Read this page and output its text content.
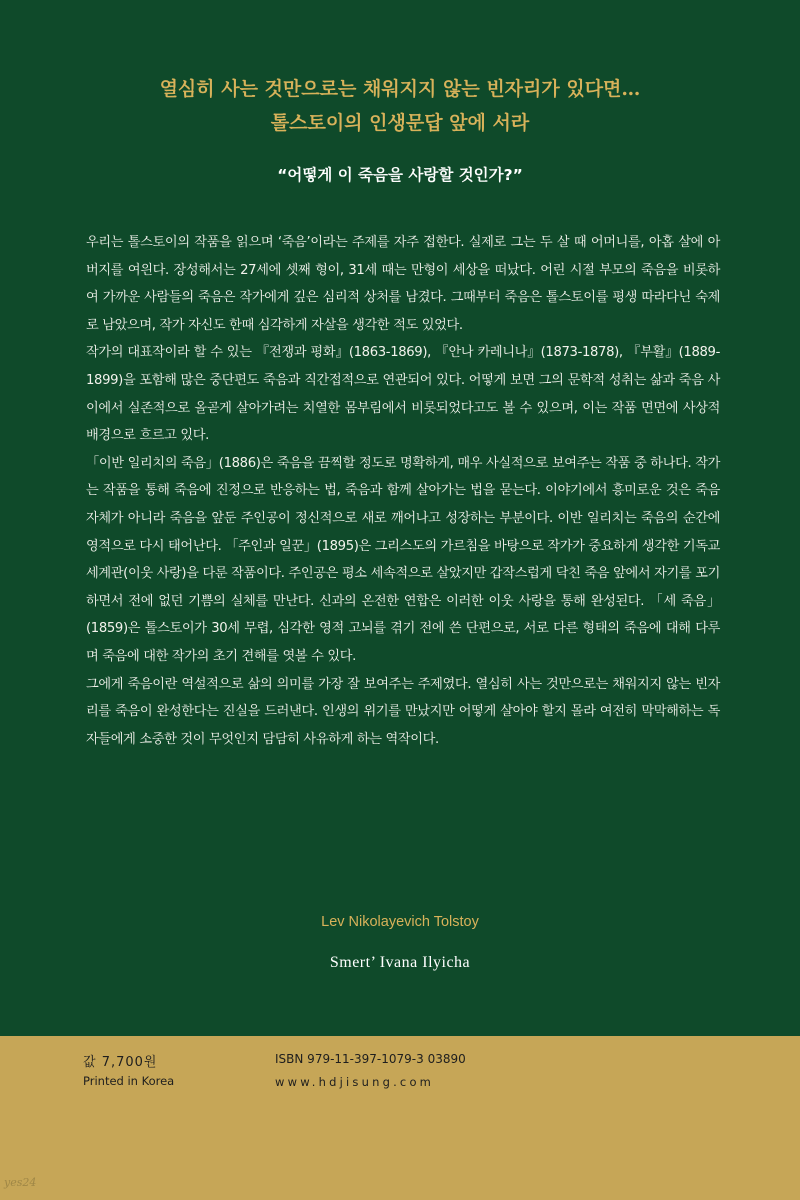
열심히 사는 것만으로는 채워지지 않는 빈자리가 있다면…
톨스토이의 인생문답 앞에 서라
“어떻게 이 죽음을 사랑할 것인가?”

우리는 톨스토이의 작품을 읽으며 ‘죽음’이라는 주제를 자주 접한다. 실제로 그는 두 살 때 어머니를, 아홉 살에 아버지를 여읜다. 장성해서는 27세에 셋째 형이, 31세 때는 만형이 세상을 떠났다. 어린 시절 부모의 죽음을 비롯하여 가까운 사람들의 죽음은 작가에게 깊은 심리적 상처를 남겼다. 그때부터 죽음은 톨스토이를 평생 따라다닌 숙제로 남았으며, 작가 자신도 한때 심각하게 자살을 생각한 적도 있었다.

작가의 대표작이라 할 수 있는 『전쟁과 평화』(1863-1869), 『안나 카레니나』(1873-1878), 『부활』(1889-1899)을 포함해 많은 중단편도 죽음과 직간접적으로 연관되어 있다. 어떻게 보면 그의 문학적 성취는 삶과 죽음 사이에서 실존적으로 올곧게 살아가려는 치열한 몸부림에서 비롯되었다고도 볼 수 있으며, 이는 작품 면면에 사상적 배경으로 흐르고 있다.

「이반 일리치의 죽음」(1886)은 죽음을 끔찍할 정도로 명확하게, 매우 사실적으로 보여주는 작품 중 하나다. 작가는 작품을 통해 죽음에 진정으로 반응하는 법, 죽음과 함께 살아가는 법을 묻는다. 이야기에서 흥미로운 것은 죽음 자체가 아니라 죽음을 앞둔 주인공이 정신적으로 새로 깨어나고 성장하는 부분이다. 이반 일리치는 죽음의 순간에 영적으로 다시 태어난다. 「주인과 일꾼」(1895)은 그리스도의 가르침을 바탕으로 작가가 중요하게 생각한 기독교 세계관(이웃 사랑)을 다룬 작품이다. 주인공은 평소 세속적으로 살았지만 갑작스럽게 닥친 죽음 앞에서 자기를 포기하면서 전에 없던 기쁨의 실체를 만난다. 신과의 온전한 연합은 이러한 이웃 사랑을 통해 완성된다. 「세 죽음」(1859)은 톨스토이가 30세 무렵, 심각한 영적 고뇌를 겪기 전에 쓴 단편으로, 서로 다른 형태의 죽음에 대해 다루며 죽음에 대한 작가의 초기 견해를 엿볼 수 있다.

그에게 죽음이란 역설적으로 삶의 의미를 가장 잘 보여주는 주제였다. 열심히 사는 것만으로는 채워지지 않는 빈자리를 죽음이 완성한다는 진실을 드러낸다. 인생의 위기를 만났지만 어떻게 살아야 할지 몰라 여전히 막막해하는 독자들에게 소중한 것이 무엇인지 담담히 사유하게 하는 역작이다.

Lev Nikolayevich Tolstoy
Smert’ Ivana Ilyicha
값 7,700원
Printed in Korea
ISBN 979-11-397-1079-3 03890
www.hdjisung.com
yes24
